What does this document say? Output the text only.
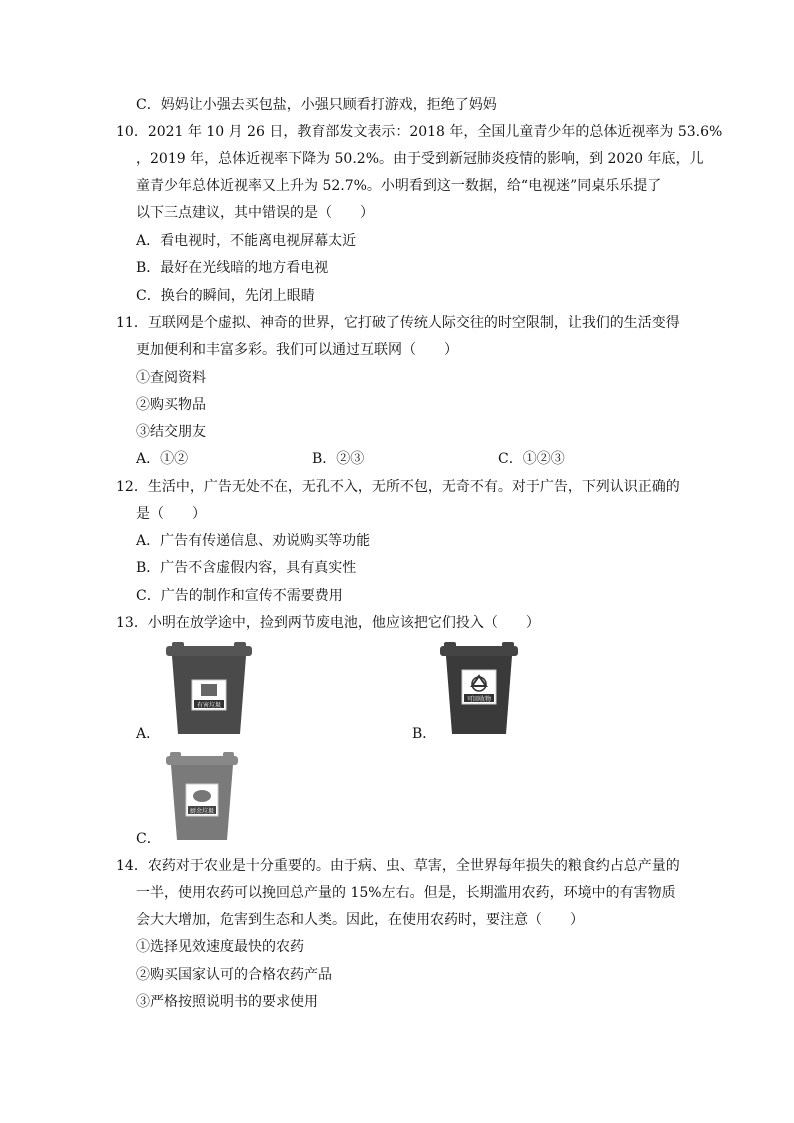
C．妈妈让小强去买包盐，小强只顾看打游戏，拒绝了妈妈
10．2021 年 10 月 26 日，教育部发文表示：2018 年，全国儿童青少年的总体近视率为 53.6%
，2019 年，总体近视率下降为 50.2%。由于受到新冠肺炎疫情的影响，到 2020 年底，儿
童青少年总体近视率又上升为 52.7%。小明看到这一数据，给“电视迷”同桌乐乐提了
以下三点建议，其中错误的是（　　）
A．看电视时，不能离电视屏幕太近
B．最好在光线暗的地方看电视
C．换台的瞬间，先闭上眼睛
11．互联网是个虚拟、神奇的世界，它打破了传统人际交往的时空限制，让我们的生活变得
更加便利和丰富多彩。我们可以通过互联网（　　）
①查阅资料
②购买物品
③结交朋友
A．①②	B．②③	C．①②③
12．生活中，广告无处不在，无孔不入，无所不包，无奇不有。对于广告，下列认识正确的
是（　　）
A．广告有传递信息、劝说购买等功能
B．广告不含虚假内容，具有真实性
C．广告的制作和宣传不需要费用
13．小明在放学途中，捡到两节废电池，他应该把它们投入（　　）
A．
有害垃圾
B．
可回收物
C．
厨余垃圾
14．农药对于农业是十分重要的。由于病、虫、草害，全世界每年损失的粮食约占总产量的
一半，使用农药可以挽回总产量的 15%左右。但是，长期滥用农药，环境中的有害物质
会大大增加，危害到生态和人类。因此，在使用农药时，要注意（　　）
①选择见效速度最快的农药
②购买国家认可的合格农药产品
③严格按照说明书的要求使用
